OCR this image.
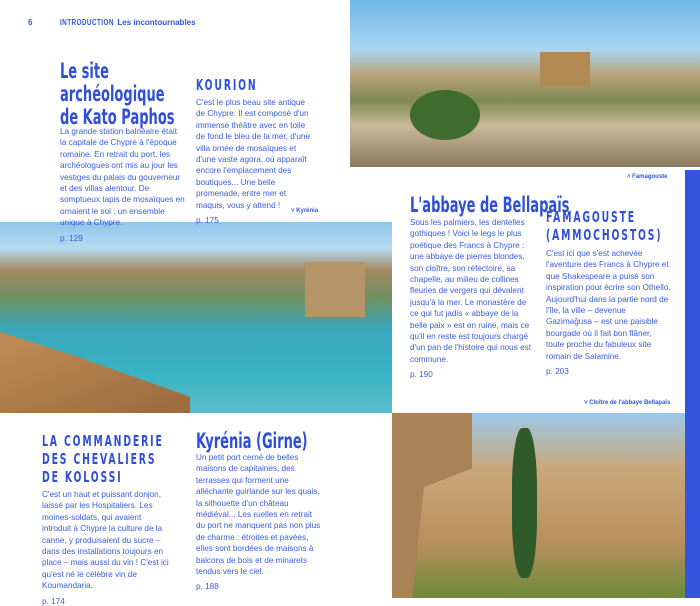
6	INTRODUCTION Les incontournables
˄ Famagouste
˅ Kyrénia
˅ Cloître de l'abbaye Bellapaïs
Le site archéologique de Kato Paphos
La grande station balnéaire était la capitale de Chypre à l'époque romaine. En retrait du port, les archéologues ont mis au jour les vestiges du palais du gouverneur et des villas alentour. De somptueux tapis de mosaïques en ornaient le sol : un ensemble unique à Chypre.
p. 129
KOURION
C'est le plus beau site antique de Chypre. Il est composé d'un immense théâtre avec en toile de fond le bleu de la mer, d'une villa ornée de mosaïques et d'une vaste agora, où apparaît encore l'emplacement des boutiques... Une belle promenade, entre mer et maquis, vous y attend !
p. 175
L'abbaye de Bellapaïs
Sous les palmiers, les dentelles gothiques ! Voici le legs le plus poétique des Francs à Chypre : une abbaye de pierres blondes, son cloître, son réfectoire, sa chapelle, au milieu de collines fleuries de vergers qui dévalent jusqu'à la mer. Le monastère de ce qui fut jadis « abbaye de la belle paix » est en ruine, mais ce qu'il en reste est toujours chargé d'un pan de l'histoire qui nous est commune.
p. 190
FAMAGOUSTE (AMMOCHOSTOS)
C'est ici que s'est achevée l'aventure des Francs à Chypre et que Shakespeare a puisé son inspiration pour écrire son Othello. Aujourd'hui dans la partie nord de l'île, la ville – devenue Gazimağusa – est une paisible bourgade où il fait bon flâner, toute proche du fabuleux site romain de Salamine.
p. 203
LA COMMANDERIE DES CHEVALIERS DE KOLOSSI
C'est un haut et puissant donjon, laissé par les Hospitaliers. Les moines-soldats, qui avaient introduit à Chypre la culture de la canne, y produisaient du sucre – dans des installations toujours en place – mais aussi du vin ! C'est ici qu'est né le célèbre vin de Koumandaria.
p. 174
Kyrénia (Girne)
Un petit port cerné de belles maisons de capitaines, des terrasses qui forment une alléchante guirlande sur les quais, la silhouette d'un château médiéval... Les ruelles en retrait du port ne manquent pas non plus de charme : étroites et pavées, elles sont bordées de maisons à balcons de bois et de minarets tendus vers le ciel.
p. 188
